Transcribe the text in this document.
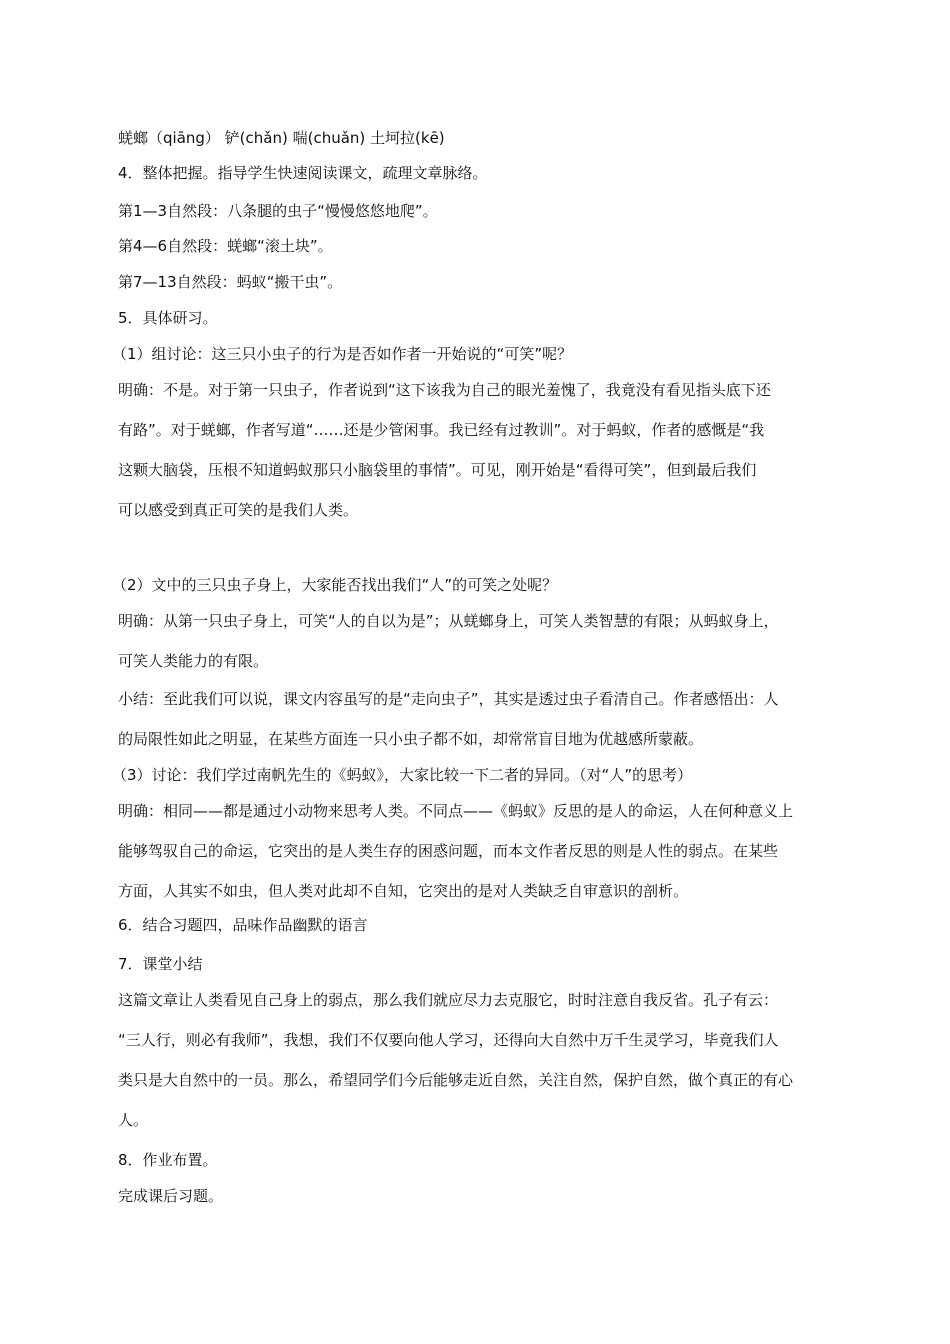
蜣螂（qiāng） 铲(chǎn) 喘(chuǎn) 土坷拉(kē)

4．整体把握。指导学生快速阅读课文，疏理文章脉络。

第1—3自然段：八条腿的虫子“慢慢悠悠地爬”。

第4—6自然段：蜣螂“滚土块”。

第7—13自然段：蚂蚁“搬干虫”。

5．具体研习。

（1）组讨论：这三只小虫子的行为是否如作者一开始说的“可笑”呢？

明确：不是。对于第一只虫子，作者说到“这下该我为自己的眼光羞愧了，我竟没有看见指头底下还

有路”。对于蜣螂，作者写道“……还是少管闲事。我已经有过教训”。对于蚂蚁，作者的感慨是“我

这颗大脑袋，压根不知道蚂蚁那只小脑袋里的事情”。可见，刚开始是“看得可笑”，但到最后我们

可以感受到真正可笑的是我们人类。

（2）文中的三只虫子身上，大家能否找出我们“人”的可笑之处呢？

明确：从第一只虫子身上，可笑“人的自以为是”；从蜣螂身上，可笑人类智慧的有限；从蚂蚁身上，

可笑人类能力的有限。

小结：至此我们可以说，课文内容虽写的是“走向虫子”，其实是透过虫子看清自己。作者感悟出：人

的局限性如此之明显，在某些方面连一只小虫子都不如，却常常盲目地为优越感所蒙蔽。

（3）讨论：我们学过南帆先生的《蚂蚁》，大家比较一下二者的异同。（对“人”的思考）

明确：相同——都是通过小动物来思考人类。不同点——《蚂蚁》反思的是人的命运，人在何种意义上

能够驾驭自己的命运，它突出的是人类生存的困惑问题，而本文作者反思的则是人性的弱点。在某些

方面，人其实不如虫，但人类对此却不自知，它突出的是对人类缺乏自审意识的剖析。

6．结合习题四，品味作品幽默的语言

7．课堂小结

这篇文章让人类看见自己身上的弱点，那么我们就应尽力去克服它，时时注意自我反省。孔子有云：

“三人行，则必有我师”，我想，我们不仅要向他人学习，还得向大自然中万千生灵学习，毕竟我们人

类只是大自然中的一员。那么，希望同学们今后能够走近自然，关注自然，保护自然，做个真正的有心

人。

8．作业布置。

完成课后习题。
